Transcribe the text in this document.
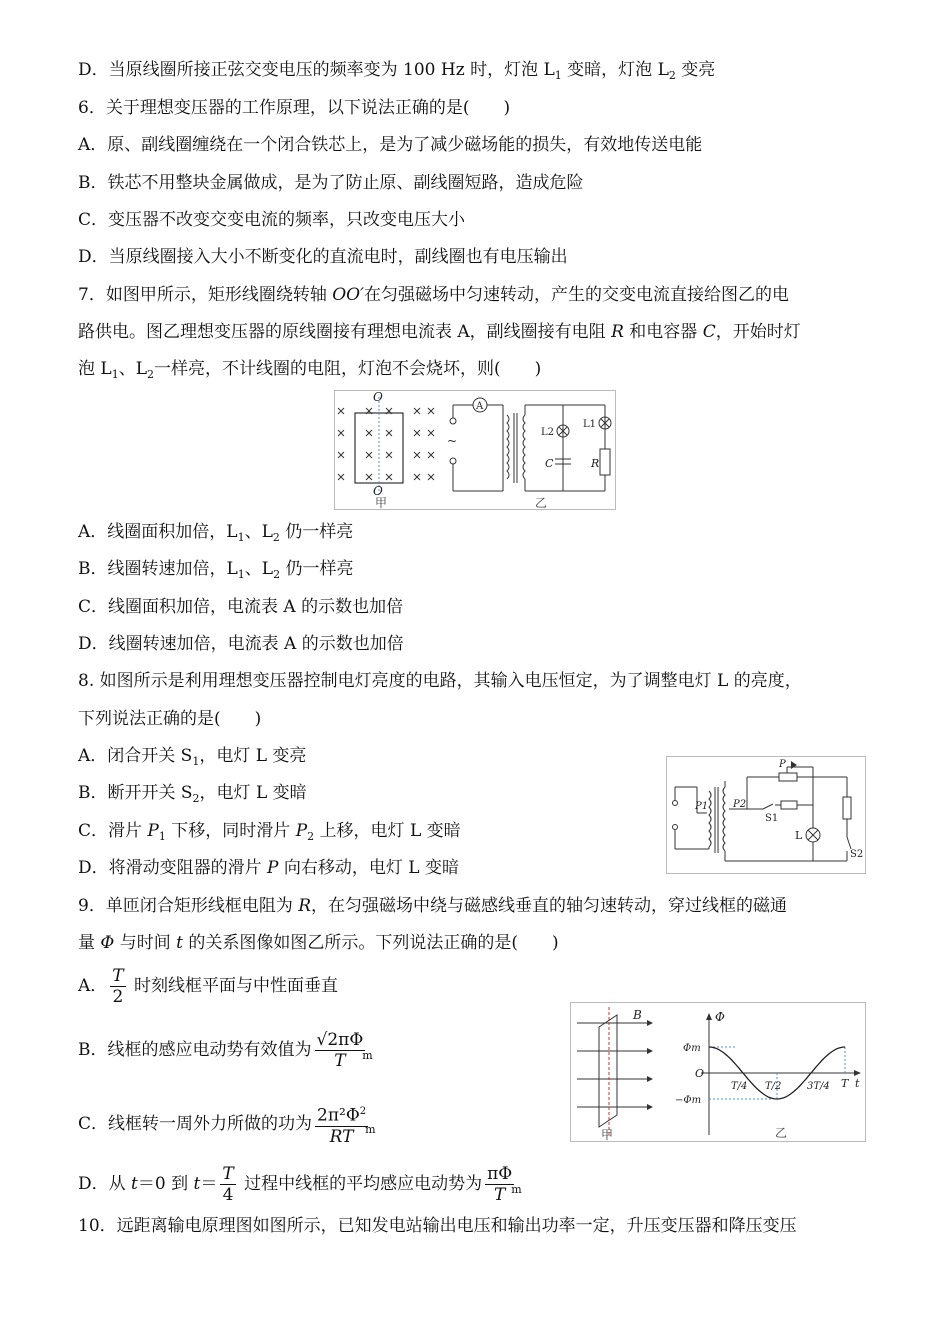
D．当原线圈所接正弦交变电压的频率变为 100 Hz 时，灯泡 $L_1$ 变暗，灯泡 $L_2$ 变亮
6．关于理想变压器的工作原理，以下说法正确的是(　　)
A．原、副线圈缠绕在一个闭合铁芯上，是为了减少磁场能的损失，有效地传送电能
B．铁芯不用整块金属做成，是为了防止原、副线圈短路，造成危险
C．变压器不改变交变电流的频率，只改变电压大小
D．当原线圈接入大小不断变化的直流电时，副线圈也有电压输出
7．如图甲所示，矩形线圈绕转轴 OO′在匀强磁场中匀速转动，产生的交变电流直接给图乙的电
路供电。图乙理想变压器的原线圈接有理想电流表 A，副线圈接有电阻 R 和电容器 C，开始时灯
泡 $L_1$、$L_2$一样亮，不计线圈的电阻，灯泡不会烧坏，则(　　)
O
O
甲
~
A
L2
L1
C	R
乙
A．线圈面积加倍，$L_1$、$L_2$ 仍一样亮
B．线圈转速加倍，$L_1$、$L_2$ 仍一样亮
C．线圈面积加倍，电流表 A 的示数也加倍
D．线圈转速加倍，电流表 A 的示数也加倍
8. 如图所示是利用理想变压器控制电灯亮度的电路，其输入电压恒定，为了调整电灯 L 的亮度，
下列说法正确的是(　　)
A．闭合开关 $S_1$，电灯 L 变亮
B．断开开关 $S_2$，电灯 L 变暗
C．滑片 $P_1$ 下移，同时滑片 $P_2$ 上移，电灯 L 变暗
D．将滑动变阻器的滑片 P 向右移动，电灯 L 变暗
P
P1 P2
S1
S2
L
9．单匝闭合矩形线框电阻为 R，在匀强磁场中绕与磁感线垂直的轴匀速转动，穿过线框的磁通
量 Φ 与时间 t 的关系图像如图乙所示。下列说法正确的是(　　)
A． $\frac{T}{2}$ 时刻线框平面与中性面垂直
B．线框的感应电动势有效值为 $\frac{√2\pi\Phi}{T}$
$_m$
C．线框转一周外力所做的功为 $\frac{2\pi^2\Phi^2}{RT}$
$_m$
D．从 t＝0 到 $t= \frac{T}{4}$ 过程中线框的平均感应电动势为 $\frac{\pi\Phi}{T}$
$_m$
B
甲
Φ
Φm
O
−Φm
T/4 T/2	3T/4 T t
乙
10．远距离输电原理图如图所示，已知发电站输出电压和输出功率一定，升压变压器和降压变压
